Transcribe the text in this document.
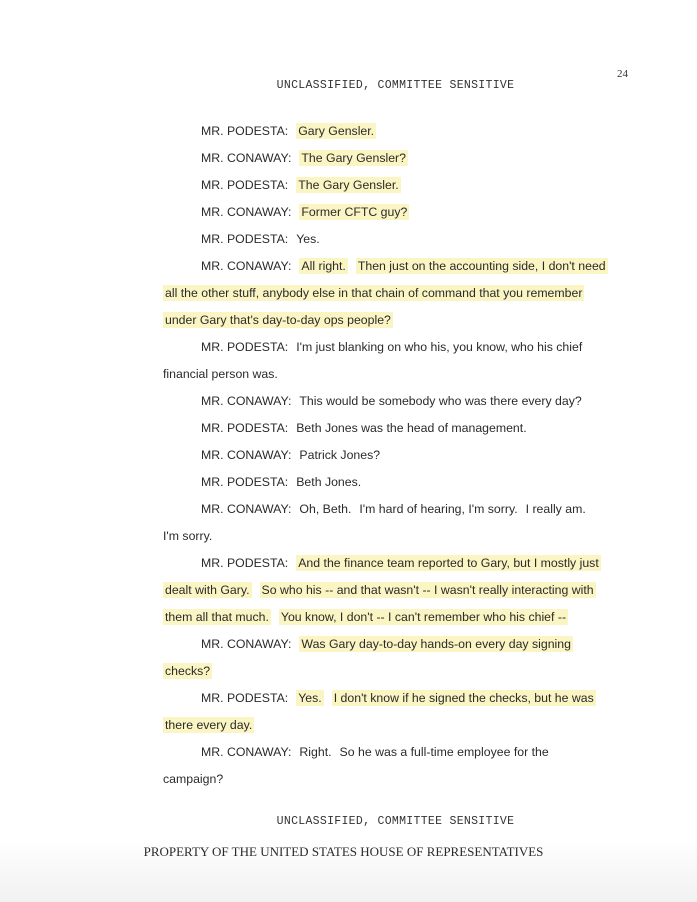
24
UNCLASSIFIED, COMMITTEE SENSITIVE
MR. PODESTA: Gary Gensler.
MR. CONAWAY: The Gary Gensler?
MR. PODESTA: The Gary Gensler.
MR. CONAWAY: Former CFTC guy?
MR. PODESTA: Yes.
MR. CONAWAY: All right. Then just on the accounting side, I don't need
all the other stuff, anybody else in that chain of command that you remember
under Gary that's day-to-day ops people?
MR. PODESTA: I'm just blanking on who his, you know, who his chief
financial person was.
MR. CONAWAY: This would be somebody who was there every day?
MR. PODESTA: Beth Jones was the head of management.
MR. CONAWAY: Patrick Jones?
MR. PODESTA: Beth Jones.
MR. CONAWAY: Oh, Beth. I'm hard of hearing, I'm sorry. I really am.
I'm sorry.
MR. PODESTA: And the finance team reported to Gary, but I mostly just
dealt with Gary. So who his -- and that wasn't -- I wasn't really interacting with
them all that much. You know, I don't -- I can't remember who his chief --
MR. CONAWAY: Was Gary day-to-day hands-on every day signing
checks?
MR. PODESTA: Yes. I don't know if he signed the checks, but he was
there every day.
MR. CONAWAY: Right. So he was a full-time employee for the
campaign?
UNCLASSIFIED, COMMITTEE SENSITIVE
PROPERTY OF THE UNITED STATES HOUSE OF REPRESENTATIVES
